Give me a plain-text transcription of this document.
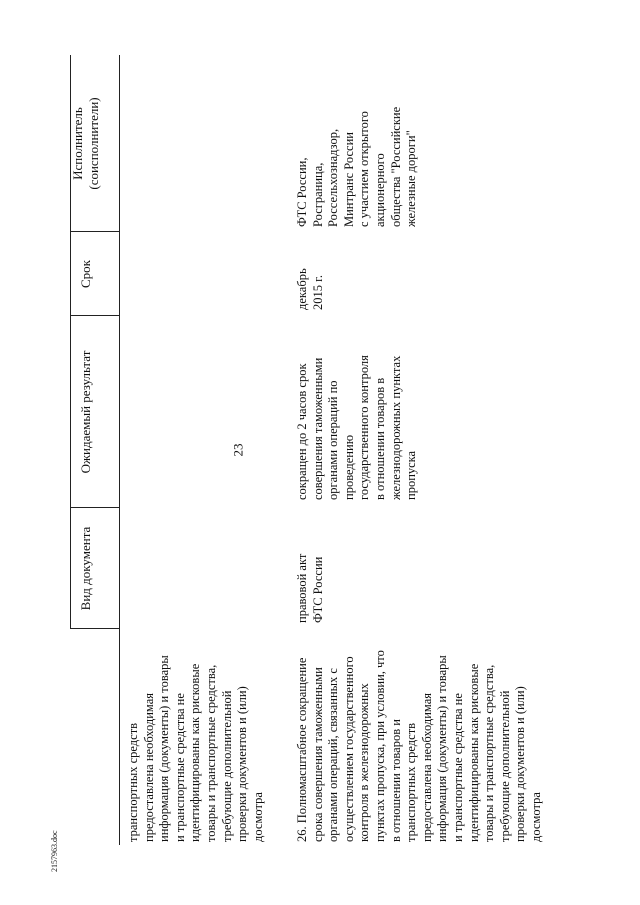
23
2157963.doc
Вид документа
Ожидаемый результат
Срок
Исполнитель
(соисполнители)
транспортных средств
предоставлена необходимая
информация (документы) и товары
и транспортные средства не
идентифицированы как рисковые
товары и транспортные средства,
требующие дополнительной
проверки документов и (или)
досмотра 26. Полномасштабное сокращение
срока совершения таможенными
органами операций, связанных с
осуществлением государственного
контроля в железнодорожных
пунктах пропуска, при условии, что
в отношении товаров и
транспортных средств
предоставлена необходимая
информация (документы) и товары
и транспортные средства не
идентифицированы как рисковые
товары и транспортные средства,
требующие дополнительной
проверки документов и (или)
досмотра
правовой акт
ФТС России
сокращен до 2 часов срок
совершения таможенными
органами операций по
проведению
государственного контроля
в отношении товаров в
железнодорожных пунктах
пропуска
декабрь
2015 г.
ФТС России,
Росграница,
Россельхознадзор,
Минтранс России
с участием открытого
акционерного
общества "Российские
железные дороги"
